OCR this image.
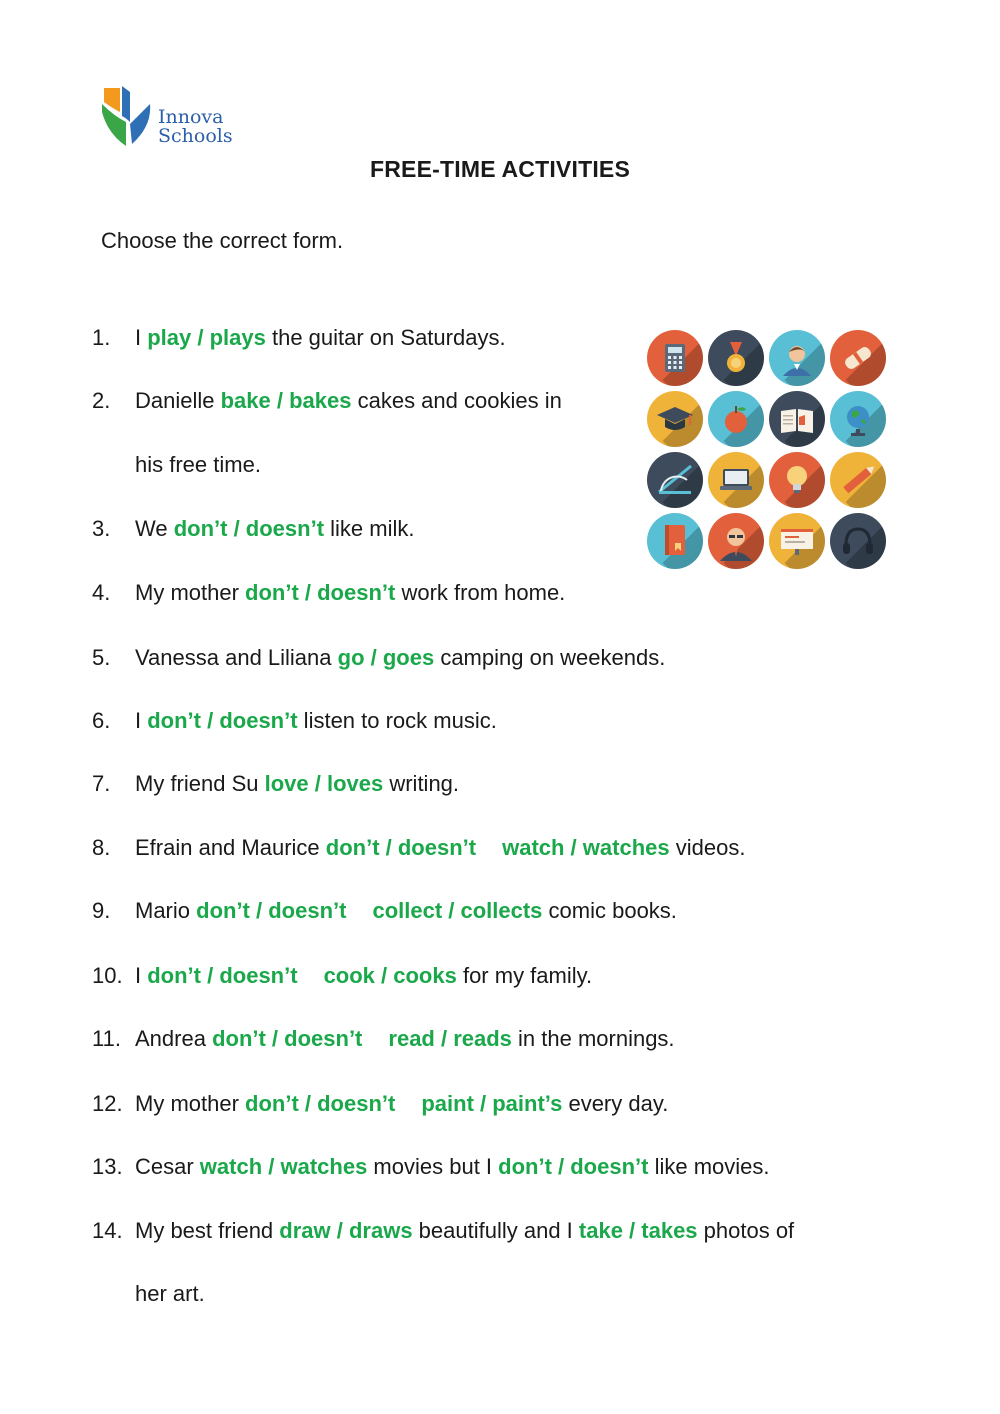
Innova
Schools
FREE-TIME ACTIVITIES
Choose the correct form.
1. I play / plays the guitar on Saturdays.
2. Danielle bake / bakes cakes and cookies in
his free time.
3. We don’t / doesn’t like milk.
4. My mother don’t / doesn’t work from home.
5. Vanessa and Liliana go / goes camping on weekends.
6. I don’t / doesn’t listen to rock music.
7. My friend Su love / loves writing.
8. Efrain and Maurice don’t / doesn’t watch / watches videos.
9. Mario don’t / doesn’t collect / collects comic books.
10. I don’t / doesn’t cook / cooks for my family.
11. Andrea don’t / doesn’t read / reads in the mornings.
12. My mother don’t / doesn’t paint / paint’s every day.
13. Cesar watch / watches movies but I don’t / doesn’t like movies.
14. My best friend draw / draws beautifully and I take / takes photos of
her art.
